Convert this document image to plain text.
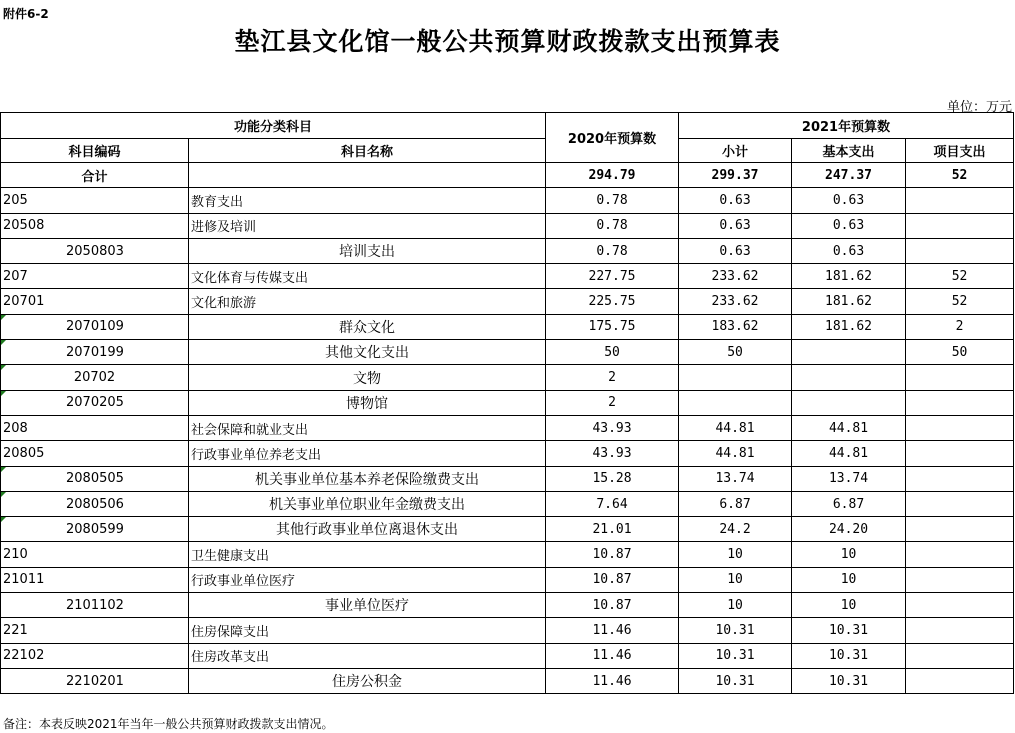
附件6-2
垫江县文化馆一般公共预算财政拨款支出预算表
单位：万元
功能分类科目		2020年预算数	2021年预算数		
科目编码	科目名称		小计	基本支出	项目支出
合计		294.79	299.37	247.37	52
205	教育支出	0.78	0.63	0.63	
20508	进修及培训	0.78	0.63	0.63	
2050803	培训支出	0.78	0.63	0.63	
207	文化体育与传媒支出	227.75	233.62	181.62	52
20701	文化和旅游	225.75	233.62	181.62	52
2070109	群众文化	175.75	183.62	181.62	2
2070199	其他文化支出	50	50		50
20702	文物	2			
2070205	博物馆	2			
208	社会保障和就业支出	43.93	44.81	44.81	
20805	行政事业单位养老支出	43.93	44.81	44.81	
2080505	机关事业单位基本养老保险缴费支出	15.28	13.74	13.74	
2080506	机关事业单位职业年金缴费支出	7.64	6.87	6.87	
2080599	其他行政事业单位离退休支出	21.01	24.2	24.20	
210	卫生健康支出	10.87	10	10	
21011	行政事业单位医疗	10.87	10	10	
2101102	事业单位医疗	10.87	10	10	
221	住房保障支出	11.46	10.31	10.31	
22102	住房改革支出	11.46	10.31	10.31	
2210201	住房公积金	11.46	10.31	10.31	
备注：本表反映2021年当年一般公共预算财政拨款支出情况。
